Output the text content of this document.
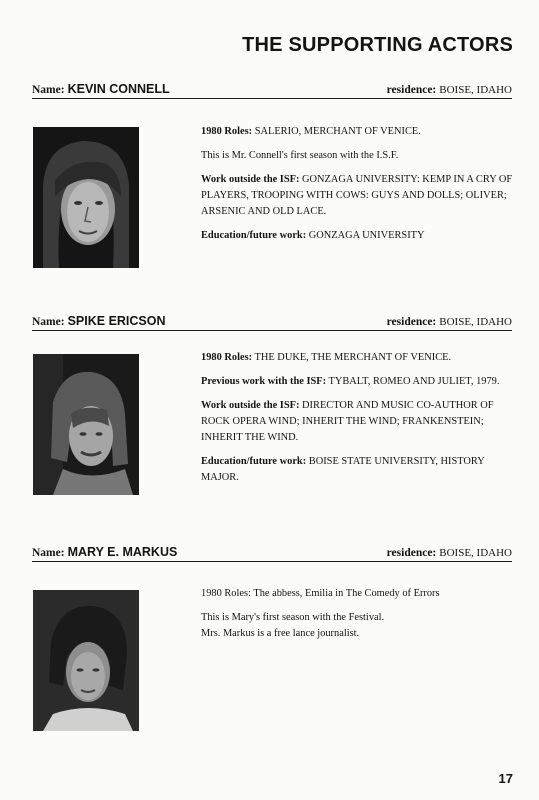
THE SUPPORTING ACTORS
Name: KEVIN CONNELL	residence: BOISE, IDAHO

1980 Roles: SALERIO, MERCHANT OF VENICE.

This is Mr. Connell's first season with the I.S.F.

Work outside the ISF: GONZAGA UNIVERSITY: KEMP IN A CRY OF PLAYERS, TROOPING WITH COWS: GUYS AND DOLLS; OLIVER; ARSENIC AND OLD LACE.

Education/future work: GONZAGA UNIVERSITY

Name: SPIKE ERICSON	residence: BOISE, IDAHO

1980 Roles: THE DUKE, THE MERCHANT OF VENICE.

Previous work with the ISF: TYBALT, ROMEO AND JULIET, 1979.

Work outside the ISF: DIRECTOR AND MUSIC CO-AUTHOR OF ROCK OPERA WIND; INHERIT THE WIND; FRANKENSTEIN; INHERIT THE WIND.

Education/future work: BOISE STATE UNIVERSITY, HISTORY MAJOR.

Name: MARY E. MARKUS	residence: BOISE, IDAHO

1980 Roles: The abbess, Emilia in The Comedy of Errors

This is Mary's first season with the Festival. Mrs. Markus is a free lance journalist.

17
